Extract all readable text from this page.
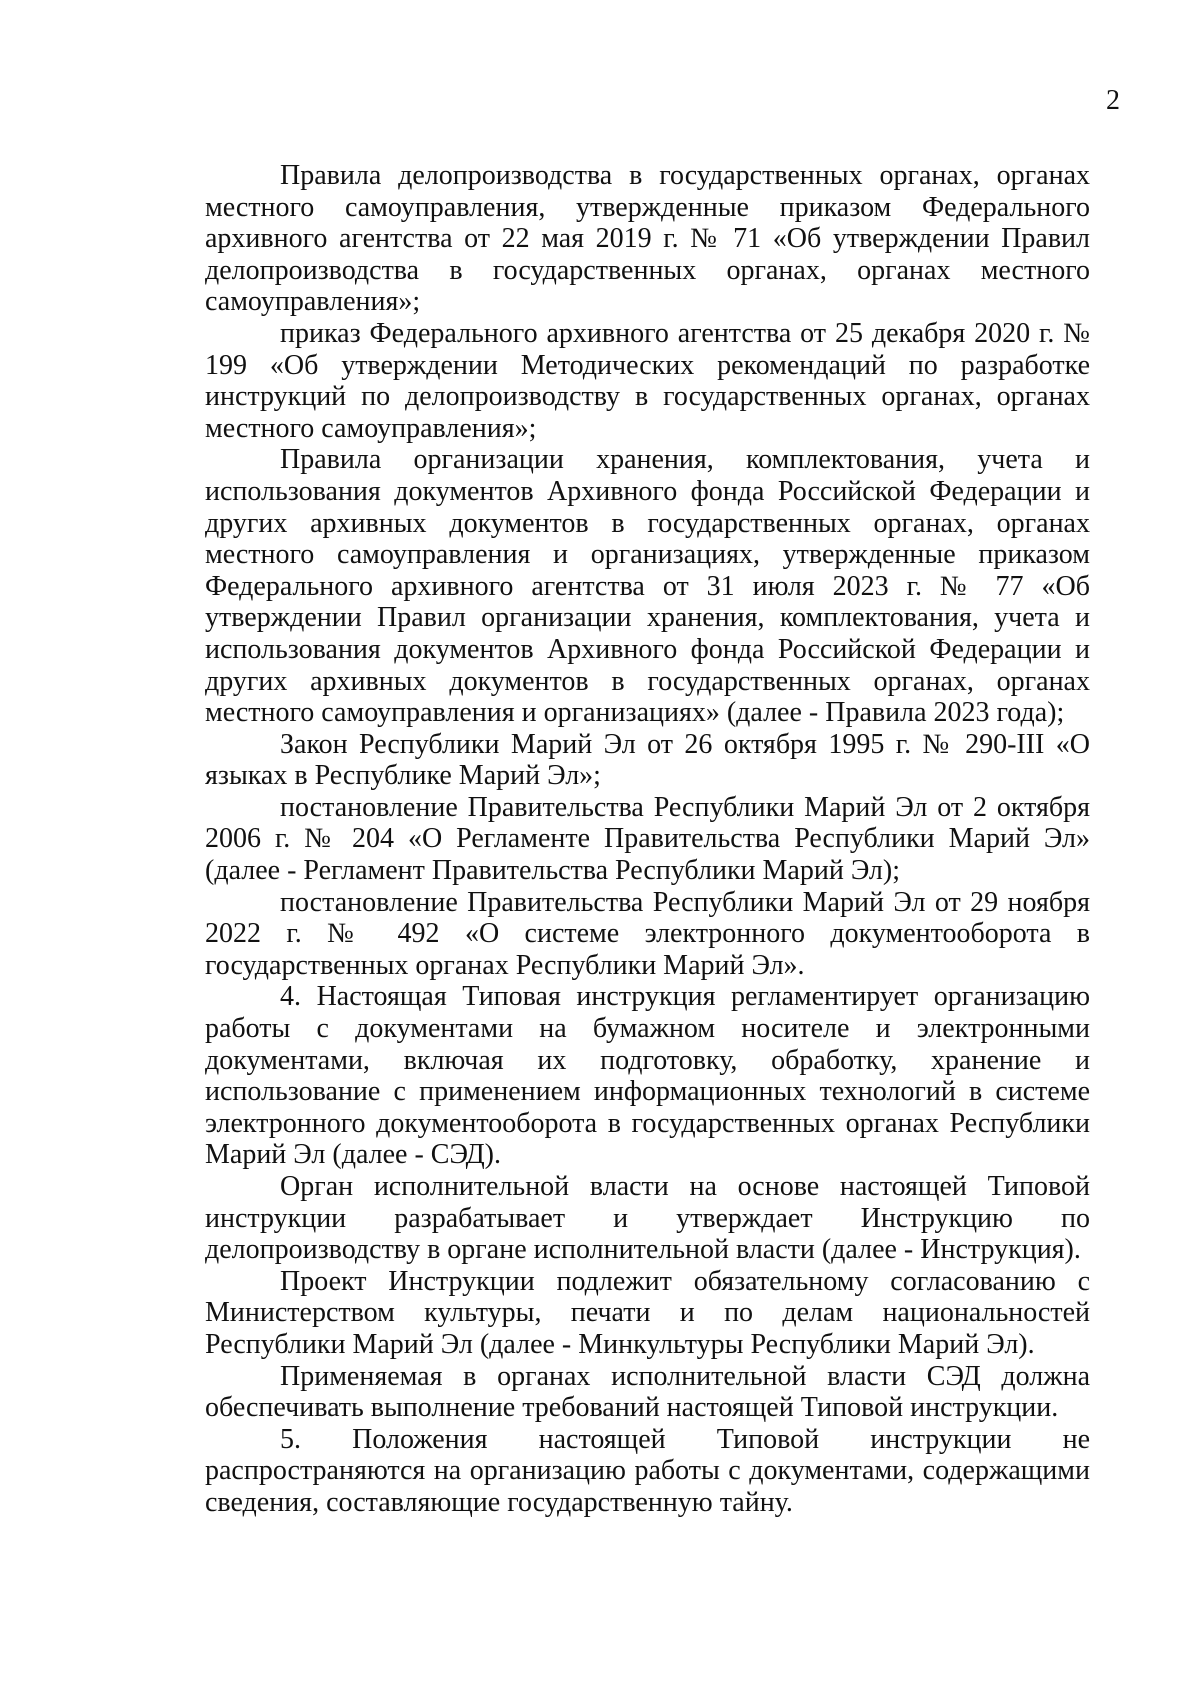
2

Правила делопроизводства в государственных органах, органах местного самоуправления, утвержденные приказом Федерального архивного агентства от 22 мая 2019 г. № 71 «Об утверждении Правил делопроизводства в государственных органах, органах местного самоуправления»;

приказ Федерального архивного агентства от 25 декабря 2020 г. № 199 «Об утверждении Методических рекомендаций по разработке инструкций по делопроизводству в государственных органах, органах местного самоуправления»;

Правила организации хранения, комплектования, учета и использования документов Архивного фонда Российской Федерации и других архивных документов в государственных органах, органах местного самоуправления и организациях, утвержденные приказом Федерального архивного агентства от 31 июля 2023 г. № 77 «Об утверждении Правил организации хранения, комплектования, учета и использования документов Архивного фонда Российской Федерации и других архивных документов в государственных органах, органах местного самоуправления и организациях» (далее - Правила 2023 года);

Закон Республики Марий Эл от 26 октября 1995 г. № 290-III «О языках в Республике Марий Эл»;

постановление Правительства Республики Марий Эл от 2 октября 2006 г. № 204 «О Регламенте Правительства Республики Марий Эл» (далее - Регламент Правительства Республики Марий Эл);

постановление Правительства Республики Марий Эл от 29 ноября 2022 г. № 492 «О системе электронного документооборота в государственных органах Республики Марий Эл».

4. Настоящая Типовая инструкция регламентирует организацию работы с документами на бумажном носителе и электронными документами, включая их подготовку, обработку, хранение и использование с применением информационных технологий в системе электронного документооборота в государственных органах Республики Марий Эл (далее - СЭД).

Орган исполнительной власти на основе настоящей Типовой инструкции разрабатывает и утверждает Инструкцию по делопроизводству в органе исполнительной власти (далее - Инструкция).

Проект Инструкции подлежит обязательному согласованию с Министерством культуры, печати и по делам национальностей Республики Марий Эл (далее - Минкультуры Республики Марий Эл).

Применяемая в органах исполнительной власти СЭД должна обеспечивать выполнение требований настоящей Типовой инструкции.

5. Положения настоящей Типовой инструкции не распространяются на организацию работы с документами, содержащими сведения, составляющие государственную тайну.
